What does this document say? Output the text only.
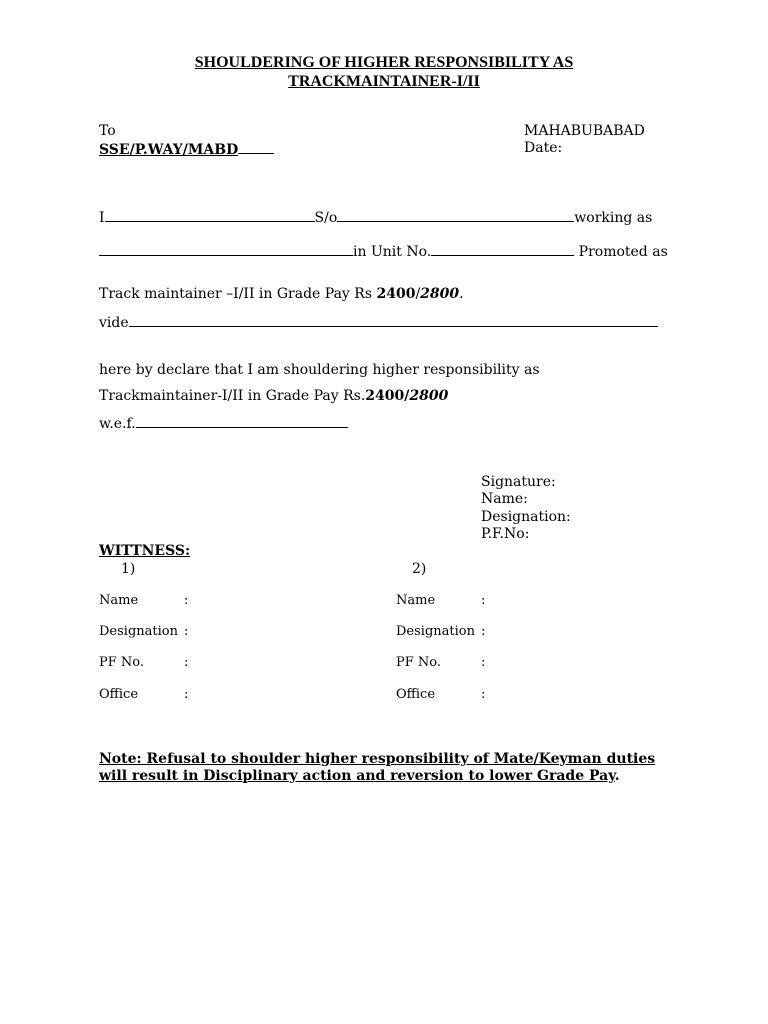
SHOULDERING OF HIGHER RESPONSIBILITY AS
TRACKMAINTAINER-I/II
To
SSE/P.WAY/MABD
MAHABUBABAD
Date:
I	S/o	working as
in Unit No.	Promoted as
Track maintainer –I/II in Grade Pay Rs 2400/2800.
vide
here by declare that I am shouldering higher responsibility as
Trackmaintainer-I/II in Grade Pay Rs.2400/2800
w.e.f.
Signature:
Name:
Designation:
P.F.No:
WITTNESS:
1)	2)
Name	:
Designation :
PF No.	:
Office	:
Name	:
Designation :
PF No.	:
Office	:
Note: Refusal to shoulder higher responsibility of Mate/Keyman duties will result in Disciplinary action and reversion to lower Grade Pay.
